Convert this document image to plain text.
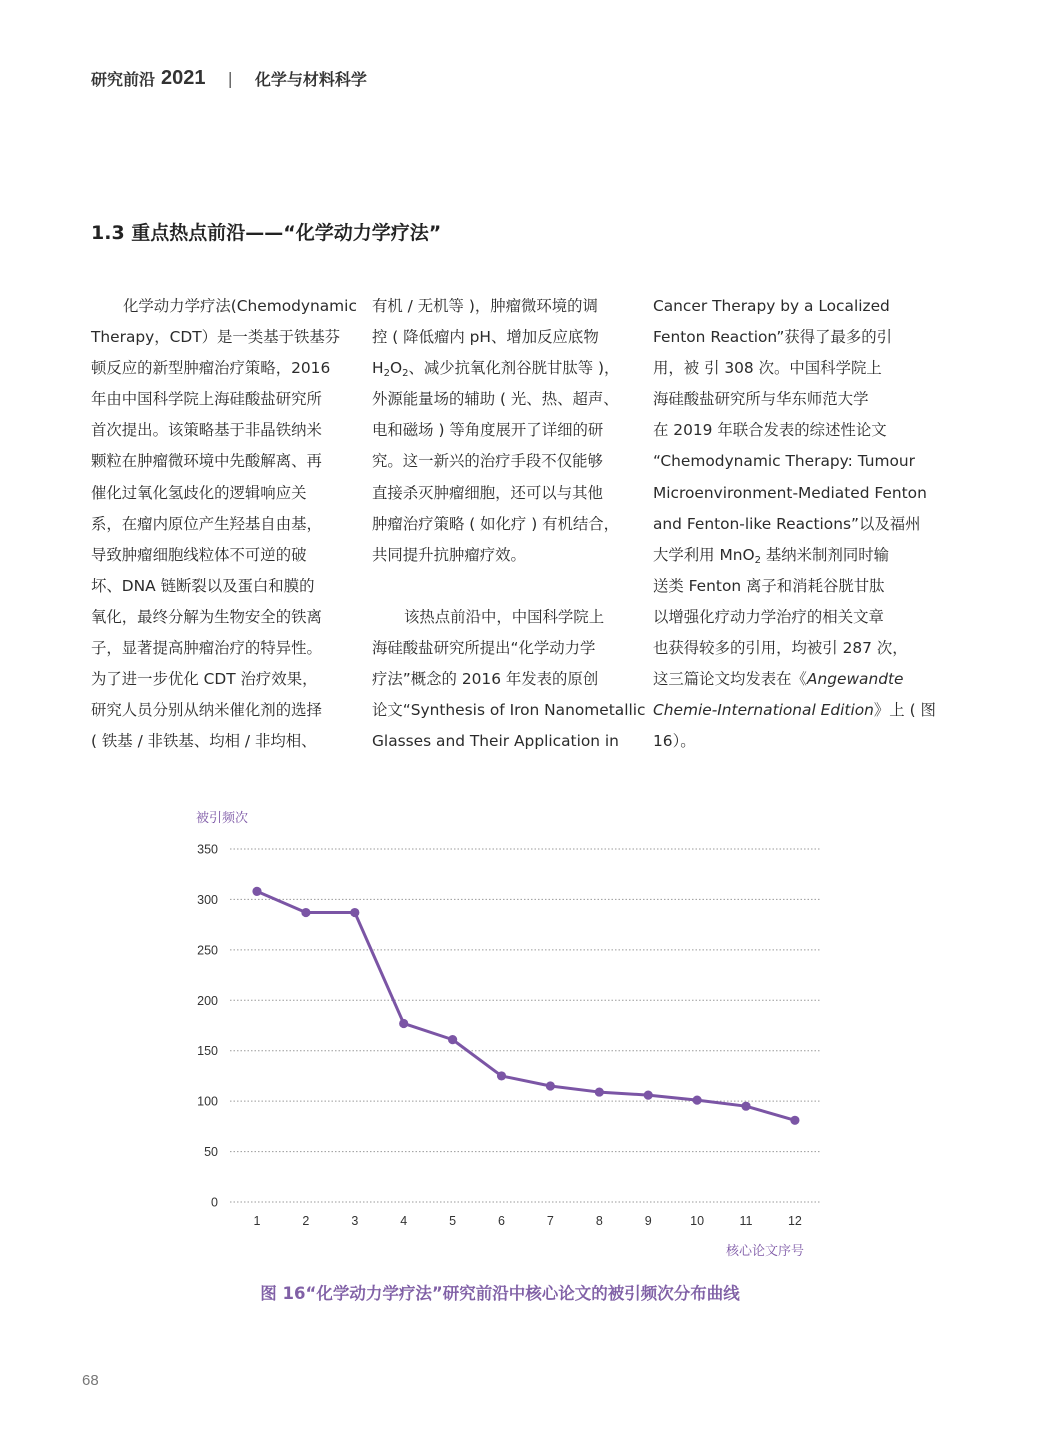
研究前沿 2021 | 化学与材料科学
1.3 重点热点前沿——“化学动力学疗法”
化学动力学疗法(Chemodynamic
Therapy，CDT）是一类基于铁基芬
顿反应的新型肿瘤治疗策略，2016
年由中国科学院上海硅酸盐研究所
首次提出。该策略基于非晶铁纳米
颗粒在肿瘤微环境中先酸解离、再
催化过氧化氢歧化的逻辑响应关
系，在瘤内原位产生羟基自由基，
导致肿瘤细胞线粒体不可逆的破
坏、DNA 链断裂以及蛋白和膜的
氧化，最终分解为生物安全的铁离
子，显著提高肿瘤治疗的特异性。
为了进一步优化 CDT 治疗效果，
研究人员分别从纳米催化剂的选择
( 铁基 / 非铁基、均相 / 非均相、
有机 / 无机等 )，肿瘤微环境的调
控 ( 降低瘤内 pH、增加反应底物
$H_2O_2$、减少抗氧化剂谷胱甘肽等 )，
外源能量场的辅助 ( 光、热、超声、
电和磁场 ) 等角度展开了详细的研
究。这一新兴的治疗手段不仅能够
直接杀灭肿瘤细胞，还可以与其他
肿瘤治疗策略 ( 如化疗 ) 有机结合，
共同提升抗肿瘤疗效。
该热点前沿中，中国科学院上
海硅酸盐研究所提出“化学动力学
疗法”概念的 2016 年发表的原创
论文“Synthesis of Iron Nanometallic
Glasses and Their Application in
Cancer Therapy by a Localized
Fenton Reaction”获得了最多的引
用，被 引 308 次。中国科学院上
海硅酸盐研究所与华东师范大学
在 2019 年联合发表的综述性论文
“Chemodynamic Therapy: Tumour
Microenvironment-Mediated Fenton
and Fenton-like Reactions”以及福州
大学利用 MnO$_2$ 基纳米制剂同时输
送类 Fenton 离子和消耗谷胱甘肽
以增强化疗动力学治疗的相关文章
也获得较多的引用，均被引 287 次，
这三篇论文均发表在《Angewandte
Chemie-International Edition》上 ( 图
16）。
被引频次
0
50
100
150
200
250
300
350
1	2	3	4	5	6	7	8	9	10	11	12
核心论文序号
图 16“化学动力学疗法”研究前沿中核心论文的被引频次分布曲线
68
